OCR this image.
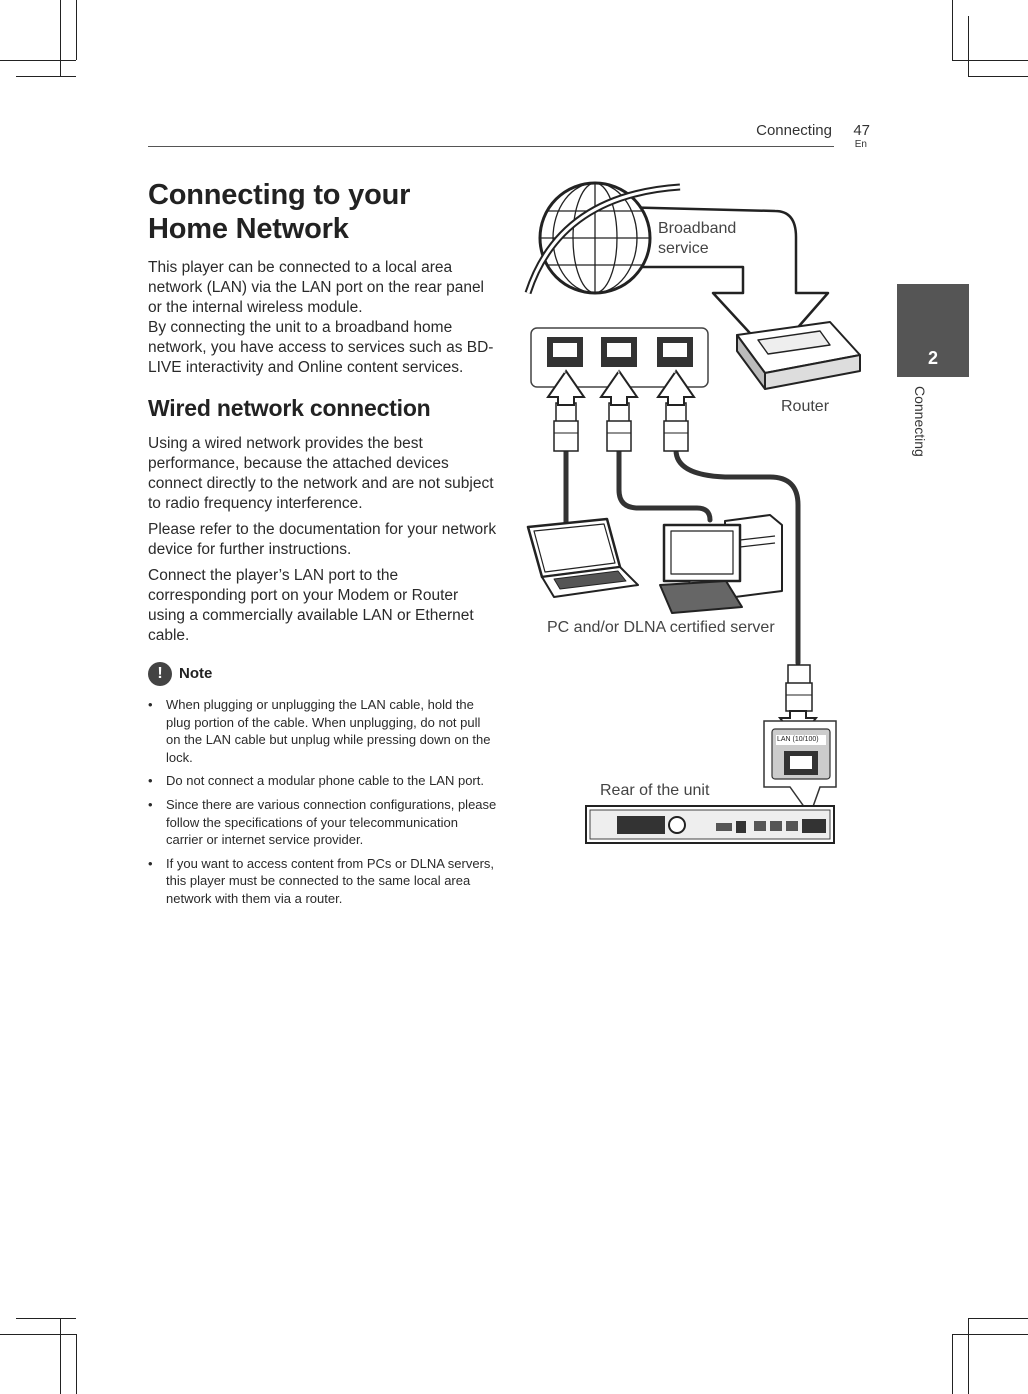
Connecting 47
En
2
Connecting
Connecting to your
Home Network

This player can be connected to a local area network (LAN) via the LAN port on the rear panel or the internal wireless module.

By connecting the unit to a broadband home network, you have access to services such as BD-LIVE interactivity and Online content services.

Wired network connection

Using a wired network provides the best performance, because the attached devices connect directly to the network and are not subject to radio frequency interference.

Please refer to the documentation for your network device for further instructions.

Connect the player’s LAN port to the corresponding port on your Modem or Router using a commercially available LAN or Ethernet cable.

!	Note
• When plugging or unplugging the LAN cable, hold the plug portion of the cable. When unplugging, do not pull on the LAN cable but unplug while pressing down on the lock.
• Do not connect a modular phone cable to the LAN port.
• Since there are various connection configurations, please follow the specifications of your telecommunication carrier or internet service provider.
• If you want to access content from PCs or DLNA servers, this player must be connected to the same local area network with them via a router.
Broadband
service
Router
PC and/or DLNA certified server
Rear of the unit
LAN	LAN	LAN
LAN (10/100)
